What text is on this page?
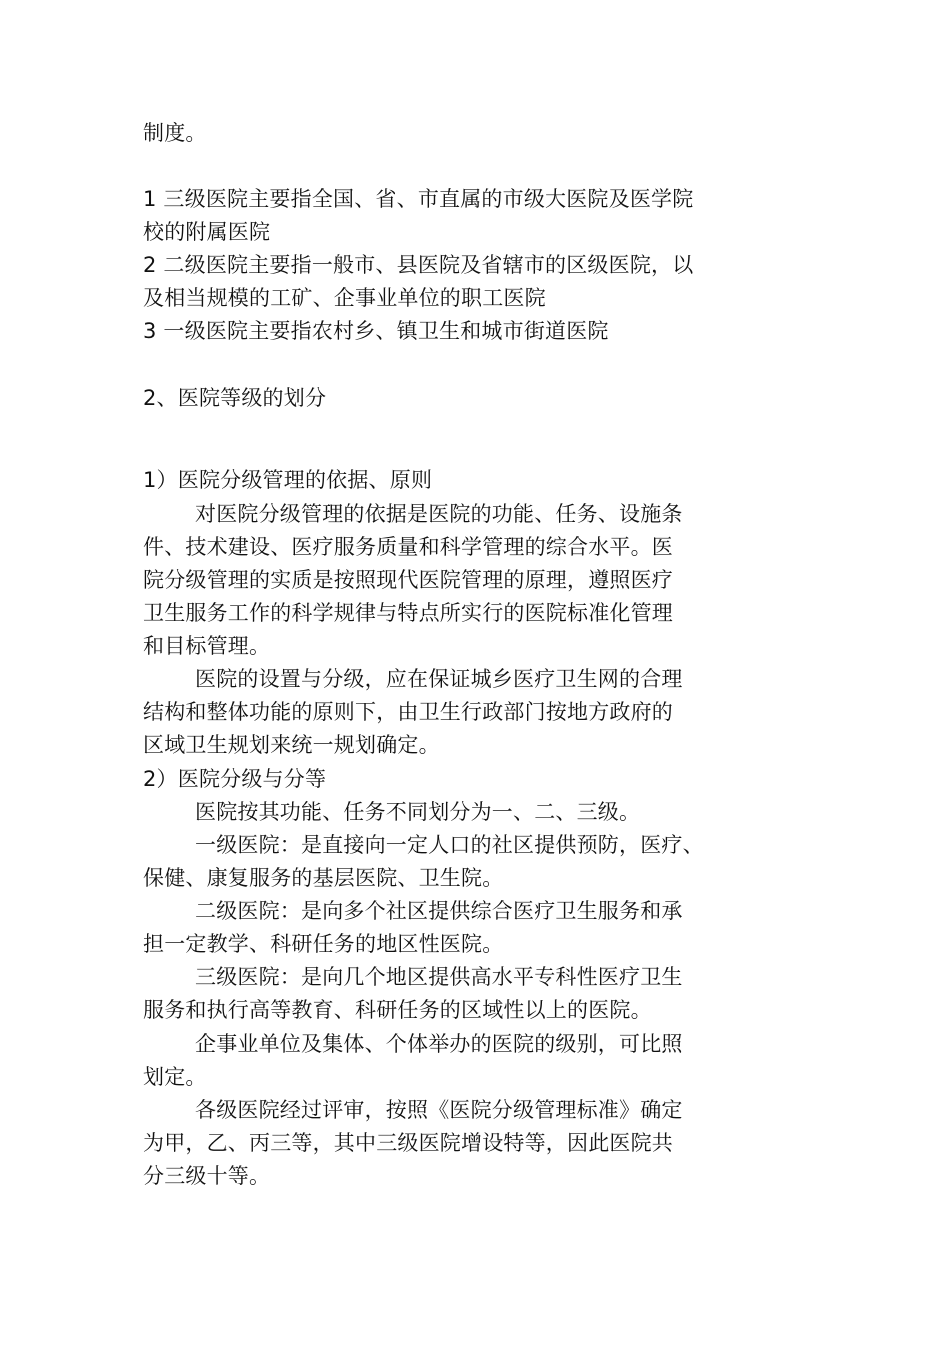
制度。
1 三级医院主要指全国、省、市直属的市级大医院及医学院
校的附属医院
2 二级医院主要指一般市、县医院及省辖市的区级医院，以
及相当规模的工矿、企事业单位的职工医院
3 一级医院主要指农村乡、镇卫生和城市街道医院
2、医院等级的划分
1）医院分级管理的依据、原则
对医院分级管理的依据是医院的功能、任务、设施条
件、技术建设、医疗服务质量和科学管理的综合水平。医
院分级管理的实质是按照现代医院管理的原理，遵照医疗
卫生服务工作的科学规律与特点所实行的医院标准化管理
和目标管理。
医院的设置与分级，应在保证城乡医疗卫生网的合理
结构和整体功能的原则下，由卫生行政部门按地方政府的
区域卫生规划来统一规划确定。
2）医院分级与分等
医院按其功能、任务不同划分为一、二、三级。
一级医院：是直接向一定人口的社区提供预防，医疗、
保健、康复服务的基层医院、卫生院。
二级医院：是向多个社区提供综合医疗卫生服务和承
担一定教学、科研任务的地区性医院。
三级医院：是向几个地区提供高水平专科性医疗卫生
服务和执行高等教育、科研任务的区域性以上的医院。
企事业单位及集体、个体举办的医院的级别，可比照
划定。
各级医院经过评审，按照《医院分级管理标准》确定
为甲，乙、丙三等，其中三级医院增设特等，因此医院共
分三级十等。
